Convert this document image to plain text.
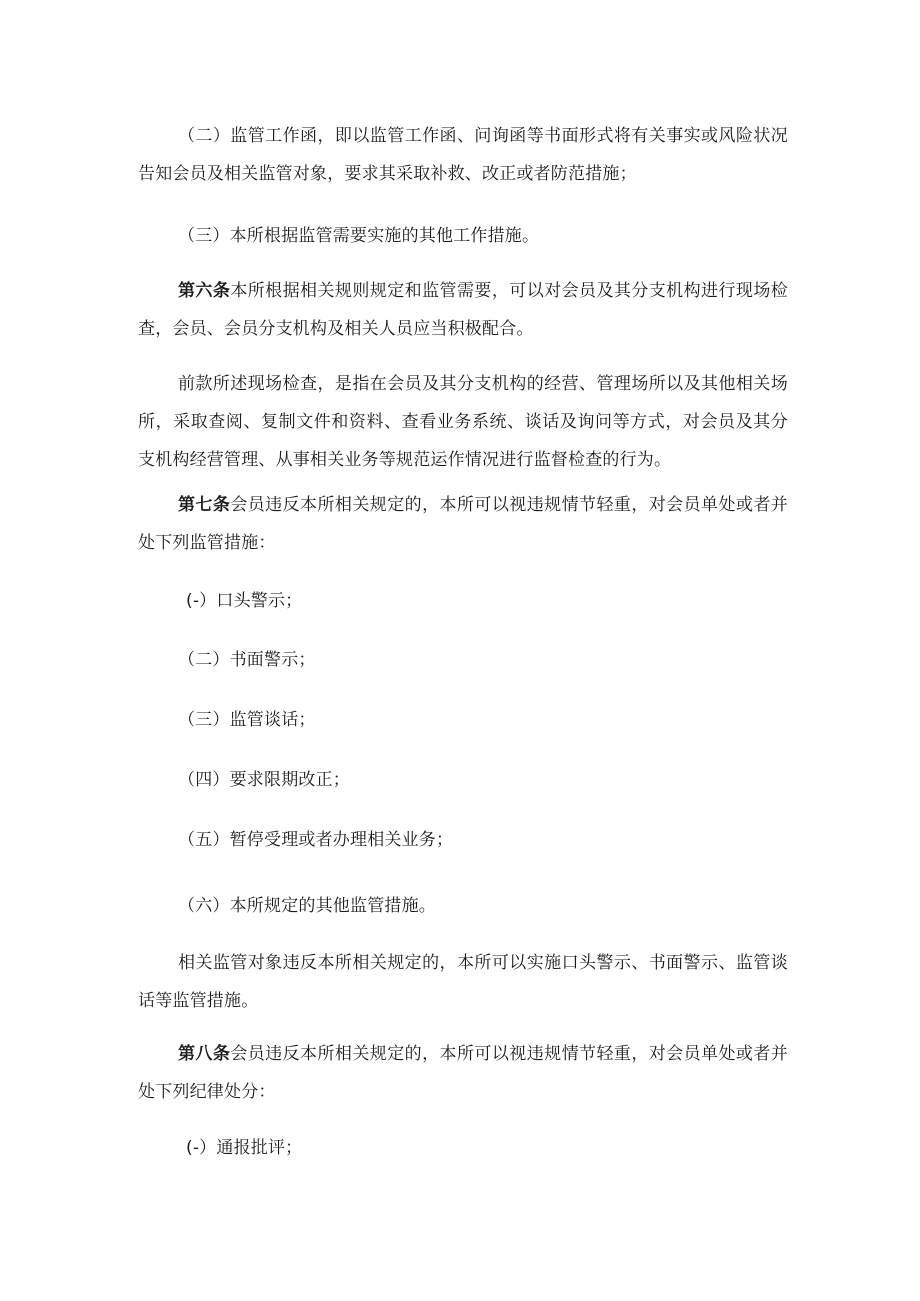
（二）监管工作函，即以监管工作函、问询函等书面形式将有关事实或风险状况告知会员及相关监管对象，要求其采取补救、改正或者防范措施；

（三）本所根据监管需要实施的其他工作措施。

第六条本所根据相关规则规定和监管需要，可以对会员及其分支机构进行现场检查，会员、会员分支机构及相关人员应当积极配合。

前款所述现场检查，是指在会员及其分支机构的经营、管理场所以及其他相关场所，采取查阅、复制文件和资料、查看业务系统、谈话及询问等方式，对会员及其分支机构经营管理、从事相关业务等规范运作情况进行监督检查的行为。

第七条会员违反本所相关规定的，本所可以视违规情节轻重，对会员单处或者并处下列监管措施：

(-）口头警示；

（二）书面警示；

（三）监管谈话；

（四）要求限期改正；

（五）暂停受理或者办理相关业务；

（六）本所规定的其他监管措施。

相关监管对象违反本所相关规定的，本所可以实施口头警示、书面警示、监管谈话等监管措施。

第八条会员违反本所相关规定的，本所可以视违规情节轻重，对会员单处或者并处下列纪律处分：

(-）通报批评；
